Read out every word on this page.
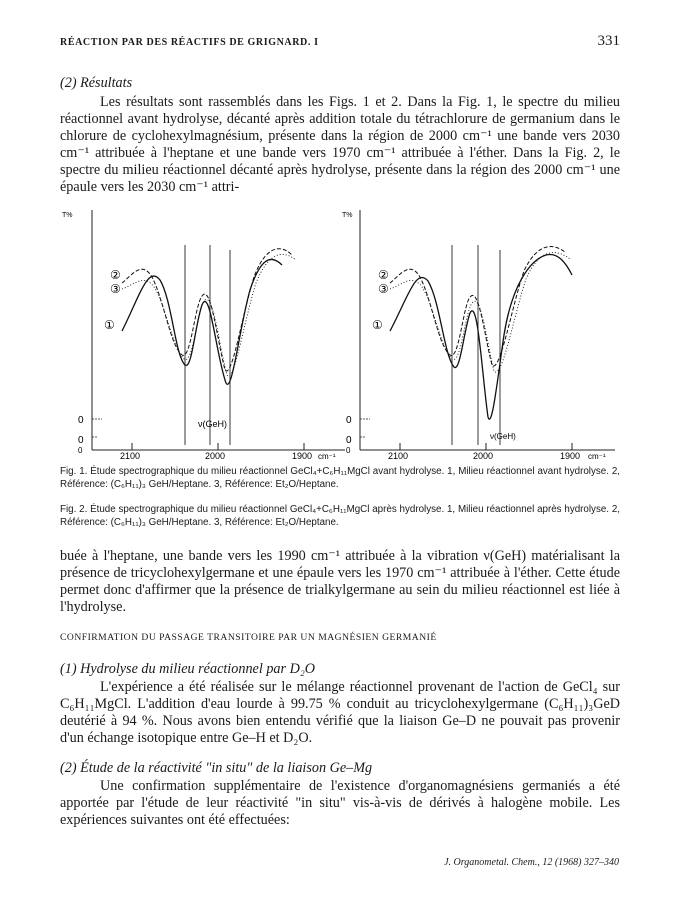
RÉACTION PAR DES RÉACTIFS DE GRIGNARD. I	331
(2) Résultats
Les résultats sont rassemblés dans les Figs. 1 et 2. Dans la Fig. 1, le spectre du milieu réactionnel avant hydrolyse, décanté après addition totale du tétrachlorure de germanium dans le chlorure de cyclohexylmagnésium, présente dans la région de 2000 cm⁻¹ une bande vers 2030 cm⁻¹ attribuée à l'heptane et une bande vers 1970 cm⁻¹ attribuée à l'éther. Dans la Fig. 2, le spectre du milieu réactionnel décanté après hydrolyse, présente dans la région des 2000 cm⁻¹ une épaule vers les 2030 cm⁻¹ attri-
T%
0
0
0
2100	2000	1900 cm⁻¹
②
③
①
ν(GeH)
T%
0
0
0
2100	2000	1900 cm⁻¹
②
③
①
ν(GeH)
Fig. 1. Étude spectrographique du milieu réactionnel GeCl₄+C₆H₁₁MgCl avant hydrolyse. 1, Milieu réactionnel avant hydrolyse. 2, Référence: (C₆H₁₁)₃ GeH/Heptane. 3, Référence: Et₂O/Heptane.
Fig. 2. Étude spectrographique du milieu réactionnel GeCl₄+C₆H₁₁MgCl après hydrolyse. 1, Milieu réactionnel après hydrolyse. 2, Référence: (C₆H₁₁)₃ GeH/Heptane. 3, Référence: Et₂O/Heptane.
buée à l'heptane, une bande vers les 1990 cm⁻¹ attribuée à la vibration ν(GeH) matérialisant la présence de tricyclohexylgermane et une épaule vers les 1970 cm⁻¹ attribuée à l'éther. Cette étude permet donc d'affirmer que la présence de trialkylgermane au sein du milieu réactionnel est liée à l'hydrolyse.
CONFIRMATION DU PASSAGE TRANSITOIRE PAR UN MAGNÉSIEN GERMANIÉ
(1) Hydrolyse du milieu réactionnel par D₂O
L'expérience a été réalisée sur le mélange réactionnel provenant de l'action de GeCl₄ sur C₆H₁₁MgCl. L'addition d'eau lourde à 99.75 % conduit au tricyclohexylgermane (C₆H₁₁)₃GeD deutérié à 94 %. Nous avons bien entendu vérifié que la liaison Ge–D ne pouvait pas provenir d'un échange isotopique entre Ge–H et D₂O.
(2) Étude de la réactivité "in situ" de la liaison Ge–Mg
Une confirmation supplémentaire de l'existence d'organomagnésiens germaniés a été apportée par l'étude de leur réactivité "in situ" vis-à-vis de dérivés à halogène mobile. Les expériences suivantes ont été effectuées:
J. Organometal. Chem., 12 (1968) 327–340
